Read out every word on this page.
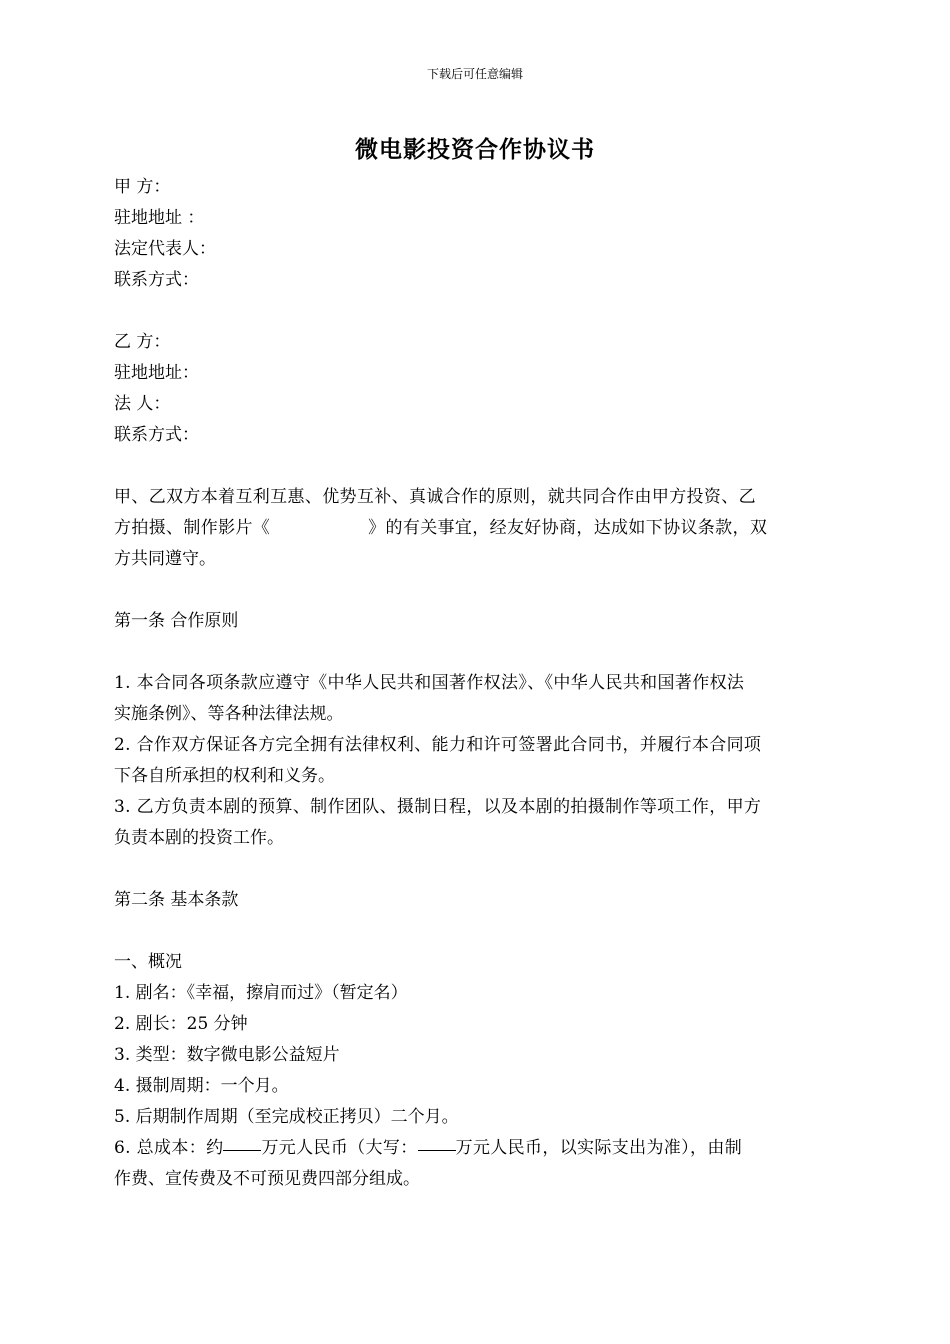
下载后可任意编辑
微电影投资合作协议书
甲 方：
驻地地址 ：
法定代表人：
联系方式：
乙 方：
驻地地址：
法 人：
联系方式：
甲、乙双方本着互利互惠、优势互补、真诚合作的原则，就共同合作由甲方投资、乙
方拍摄、制作影片《	》的有关事宜，经友好协商，达成如下协议条款，双
方共同遵守。
第一条 合作原则
1. 本合同各项条款应遵守《中华人民共和国著作权法》、《中华人民共和国著作权法
实施条例》、等各种法律法规。
2. 合作双方保证各方完全拥有法律权利、能力和许可签署此合同书，并履行本合同项
下各自所承担的权利和义务。
3. 乙方负责本剧的预算、制作团队、摄制日程，以及本剧的拍摄制作等项工作，甲方
负责本剧的投资工作。
第二条 基本条款
一、概况
1. 剧名：《幸福，擦肩而过》（暂定名）
2. 剧长：25 分钟
3. 类型：数字微电影公益短片
4. 摄制周期：一个月。
5. 后期制作周期（至完成校正拷贝）二个月。
6. 总成本：约 万元人民币（大写： 万元人民币，以实际支出为准），由制
作费、宣传费及不可预见费四部分组成。
